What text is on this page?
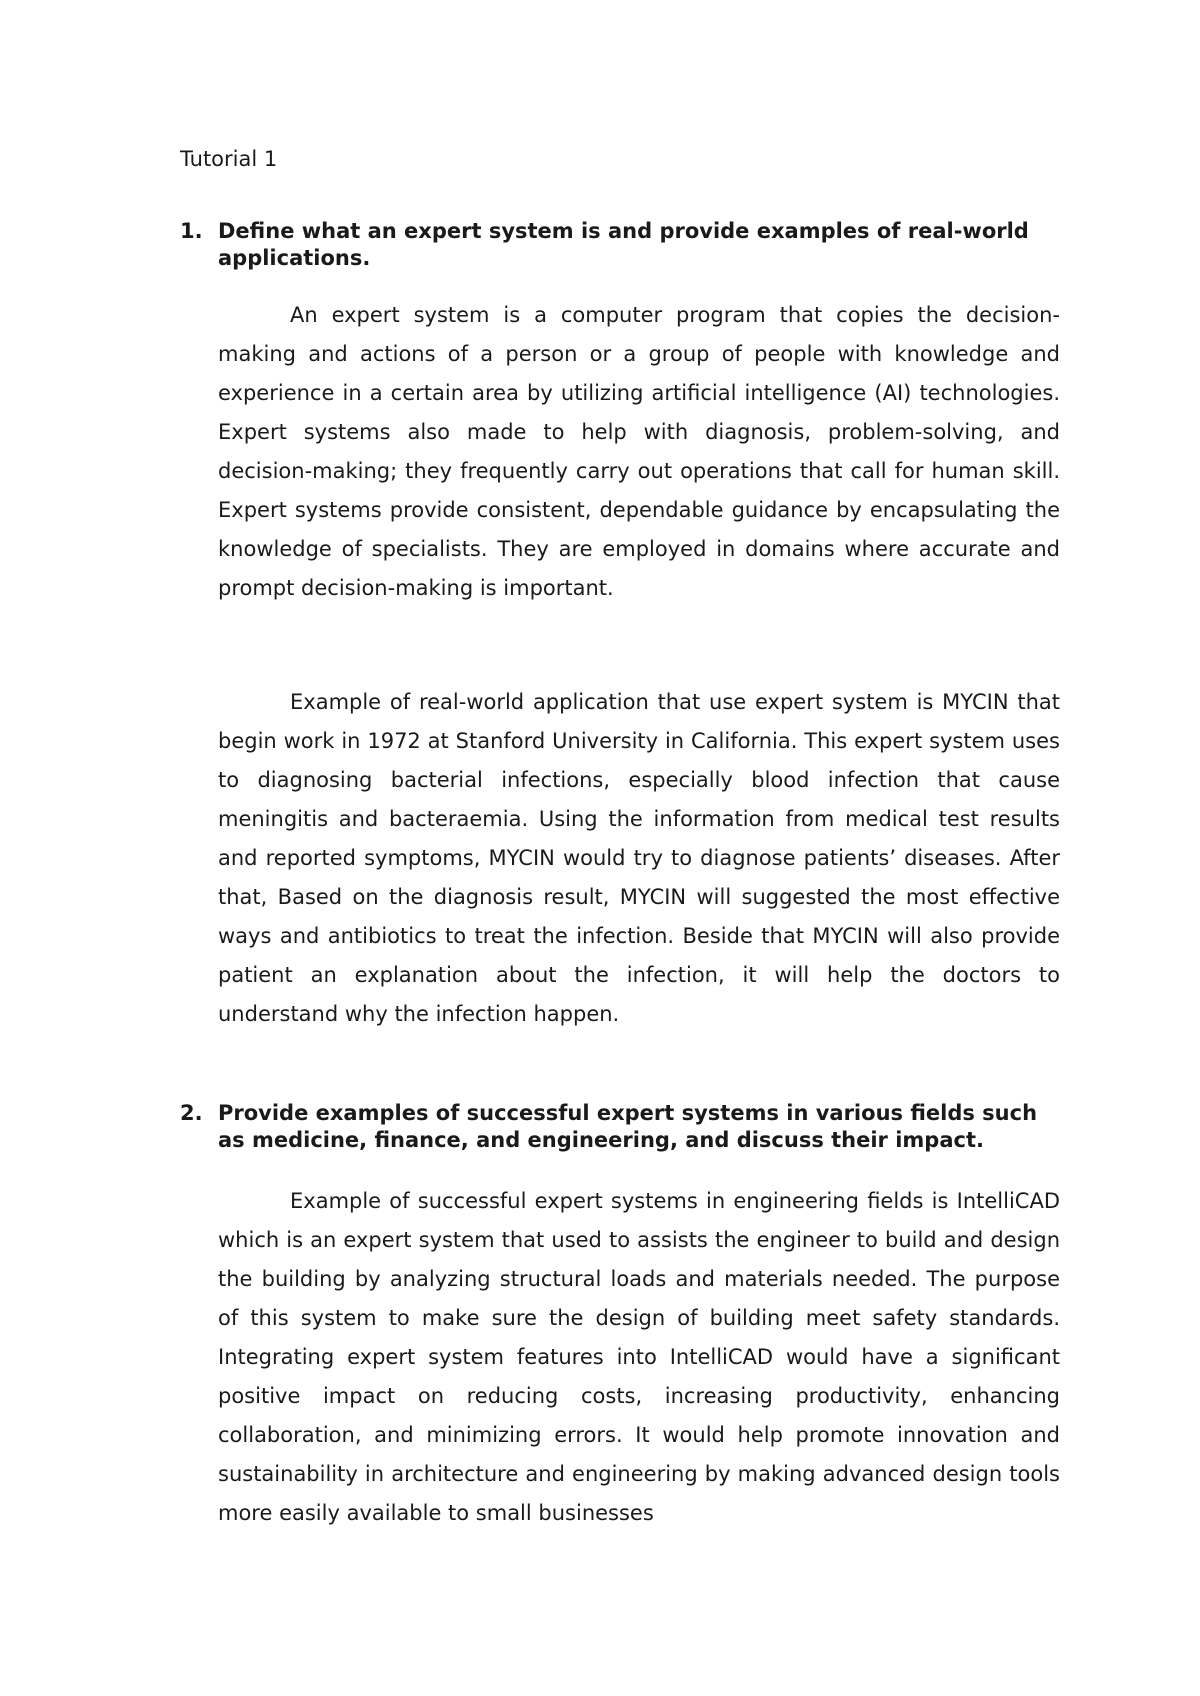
Tutorial 1

1. Define what an expert system is and provide examples of real-world applications.

An expert system is a computer program that copies the decision-making and actions of a person or a group of people with knowledge and experience in a certain area by utilizing artificial intelligence (AI) technologies. Expert systems also made to help with diagnosis, problem-solving, and decision-making; they frequently carry out operations that call for human skill. Expert systems provide consistent, dependable guidance by encapsulating the knowledge of specialists. They are employed in domains where accurate and prompt decision-making is important.

Example of real-world application that use expert system is MYCIN that begin work in 1972 at Stanford University in California. This expert system uses to diagnosing bacterial infections, especially blood infection that cause meningitis and bacteraemia. Using the information from medical test results and reported symptoms, MYCIN would try to diagnose patients’ diseases. After that, Based on the diagnosis result, MYCIN will suggested the most effective ways and antibiotics to treat the infection. Beside that MYCIN will also provide patient an explanation about the infection, it will help the doctors to understand why the infection happen.

2. Provide examples of successful expert systems in various fields such as medicine, finance, and engineering, and discuss their impact.

Example of successful expert systems in engineering fields is IntelliCAD which is an expert system that used to assists the engineer to build and design the building by analyzing structural loads and materials needed. The purpose of this system to make sure the design of building meet safety standards. Integrating expert system features into IntelliCAD would have a significant positive impact on reducing costs, increasing productivity, enhancing collaboration, and minimizing errors. It would help promote innovation and sustainability in architecture and engineering by making advanced design tools more easily available to small businesses
